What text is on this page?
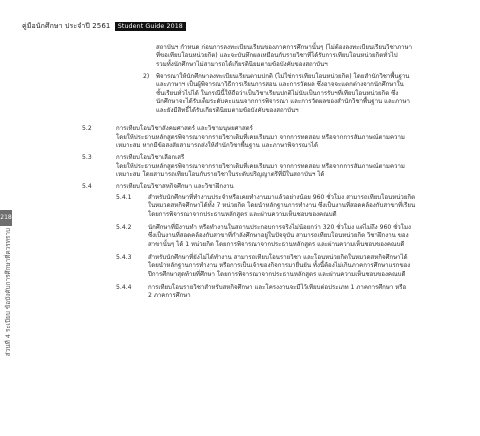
คู่มือนักศึกษา ประจำปี 2561 Student Guide 2018
218
ส่วนที่ 4 ระเบียบ ข้อบังคับการศึกษาที่ควรทราบ
สถาบันฯ กำหนด ก่อนการลงทะเบียนเรียนของภาคการศึกษานั้นๆ (ไม่ต้องลงทะเบียนเรียนวิชาภาษา
ที่ขอเทียบโอนหน่วยกิต) และจะบันทึกผลเหมือนกับรายวิชาที่ได้รับการเทียบโอนหน่วยกิตทั่วไป
รวมทั้งนักศึกษาไม่สามารถได้เกียรตินิยมตามข้อบังคับของสถาบันฯ
2) พิจารณาให้นักศึกษาลงทะเบียนเรียนตามปกติ (ไม่ใช่การเทียบโอนหน่วยกิต) โดยสำนักวิชาพื้นฐาน
และภาษาฯ เป็นผู้พิจารณาวิธีการเรียนการสอน และการวัดผล ซึ่งอาจจะแตกต่างจากนักศึกษาใน
ชั้นเรียนทั่วไปได้ ในกรณีนี้ให้ถือว่าเป็นวิชาเรียนปกติไม่นับเป็นการรับฯที่เทียบโอนหน่วยกิต ซึ่ง
นักศึกษาจะได้รับเต็มระดับคะแนนจากการพิจารณา และการวัดผลของสำนักวิชาพื้นฐาน และภาษา
และยังมีสิทธิ์ได้รับเกียรตินิยมตามข้อบังคับของสถาบันฯ
5.2	การเทียบโอนวิชาสังคมศาสตร์ และวิชามนุษยศาสตร์
โดยให้ประธานหลักสูตรพิจารณาจากรายวิชาเดิมที่เคยเรียนมา จากการทดสอบ หรือจากการสัมภาษณ์ตามความ
เหมาะสม หากมีข้อสงสัยสามารถส่งให้สำนักวิชาพื้นฐาน และภาษาพิจารณาได้
5.3	การเทียบโอนวิชาเลือกเสรี
โดยให้ประธานหลักสูตรพิจารณาจากรายวิชาเดิมที่เคยเรียนมา จากการทดสอบ หรือจากการสัมภาษณ์ตามความ
เหมาะสม โดยสามารถเทียบโอนกับรายวิชาในระดับปริญญาตรีที่มีในสถาบันฯ ได้
5.4	การเทียบโอนวิชาสหกิจศึกษา และวิชาฝึกงาน
5.4.1	สำหรับนักศึกษาที่ทำงานประจำหรือเคยทำงานมาแล้วอย่างน้อย 960 ชั่วโมง สามารถเทียบโอนหน่วยกิต
ในหมวดสหกิจศึกษาได้ทั้ง 7 หน่วยกิต โดยนำหลักฐานการทำงาน ซึ่งเป็นงานที่สอดคล้องกับสาขาที่เรียน
โดยการพิจารณาจากประธานหลักสูตร และผ่านความเห็นชอบของคณบดี
5.4.2	นักศึกษาที่มีงานทำ หรือทำงานในสถานประกอบการจริงไม่น้อยกว่า 320 ชั่วโมง แต่ไม่ถึง 960 ชั่วโมง
ซึ่งเป็นงานที่สอดคล้องกับสาขาที่กำลังศึกษาอยู่ในปัจจุบัน สามารถเทียบโอนหน่วยกิต วิชาฝึกงาน ของ
สาขานั้นๆ ได้ 1 หน่วยกิต โดยการพิจารณาจากประธานหลักสูตร และผ่านความเห็นชอบของคณบดี
5.4.3	สำหรับนักศึกษาที่ยังไม่ได้ทำงาน สามารถเทียบโอนรายวิชา และโอนหน่วยกิตในหมวดสหกิจศึกษาได้
โดยนำหลักฐานการทำงาน หรือการเป็นเจ้าของกิจการมายื่นยัน ทั้งนี้ต้องไม่เกินภาคการศึกษาแรกของ
ปีการศึกษาสุดท้ายที่ศึกษา โดยการพิจารณาจากประธานหลักสูตร และผ่านความเห็นชอบของคณบดี
5.4.4	การเทียบโอนรายวิชาสำหรับสหกิจศึกษา และโครงงานจะมีไว้เทียบต่อประเภท 1 ภาคการศึกษา หรือ
2 ภาคการศึกษา
